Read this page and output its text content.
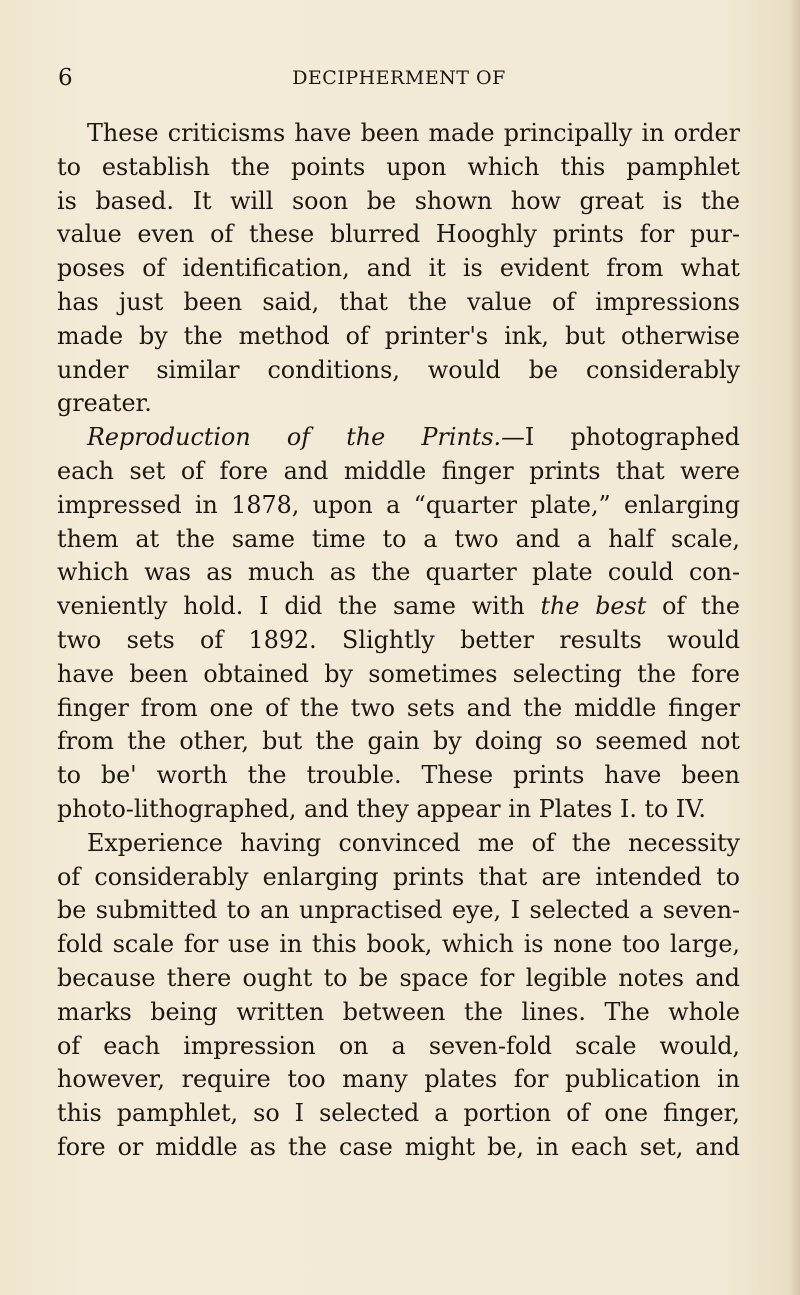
6	DECIPHERMENT OF
These criticisms have been made principally in order
to establish the points upon which this pamphlet
is based. It will soon be shown how great is the
value even of these blurred Hooghly prints for pur-
poses of identification, and it is evident from what
has just been said, that the value of impressions
made by the method of printer's ink, but otherwise
under similar conditions, would be considerably
greater.
Reproduction of the Prints.—I photographed
each set of fore and middle finger prints that were
impressed in 1878, upon a “quarter plate,” enlarging
them at the same time to a two and a half scale,
which was as much as the quarter plate could con-
veniently hold. I did the same with the best of the
two sets of 1892. Slightly better results would
have been obtained by sometimes selecting the fore
finger from one of the two sets and the middle finger
from the other, but the gain by doing so seemed not
to be' worth the trouble. These prints have been
photo-lithographed, and they appear in Plates I. to IV.
Experience having convinced me of the necessity
of considerably enlarging prints that are intended to
be submitted to an unpractised eye, I selected a seven-
fold scale for use in this book, which is none too large,
because there ought to be space for legible notes and
marks being written between the lines. The whole
of each impression on a seven-fold scale would,
however, require too many plates for publication in
this pamphlet, so I selected a portion of one finger,
fore or middle as the case might be, in each set, and
